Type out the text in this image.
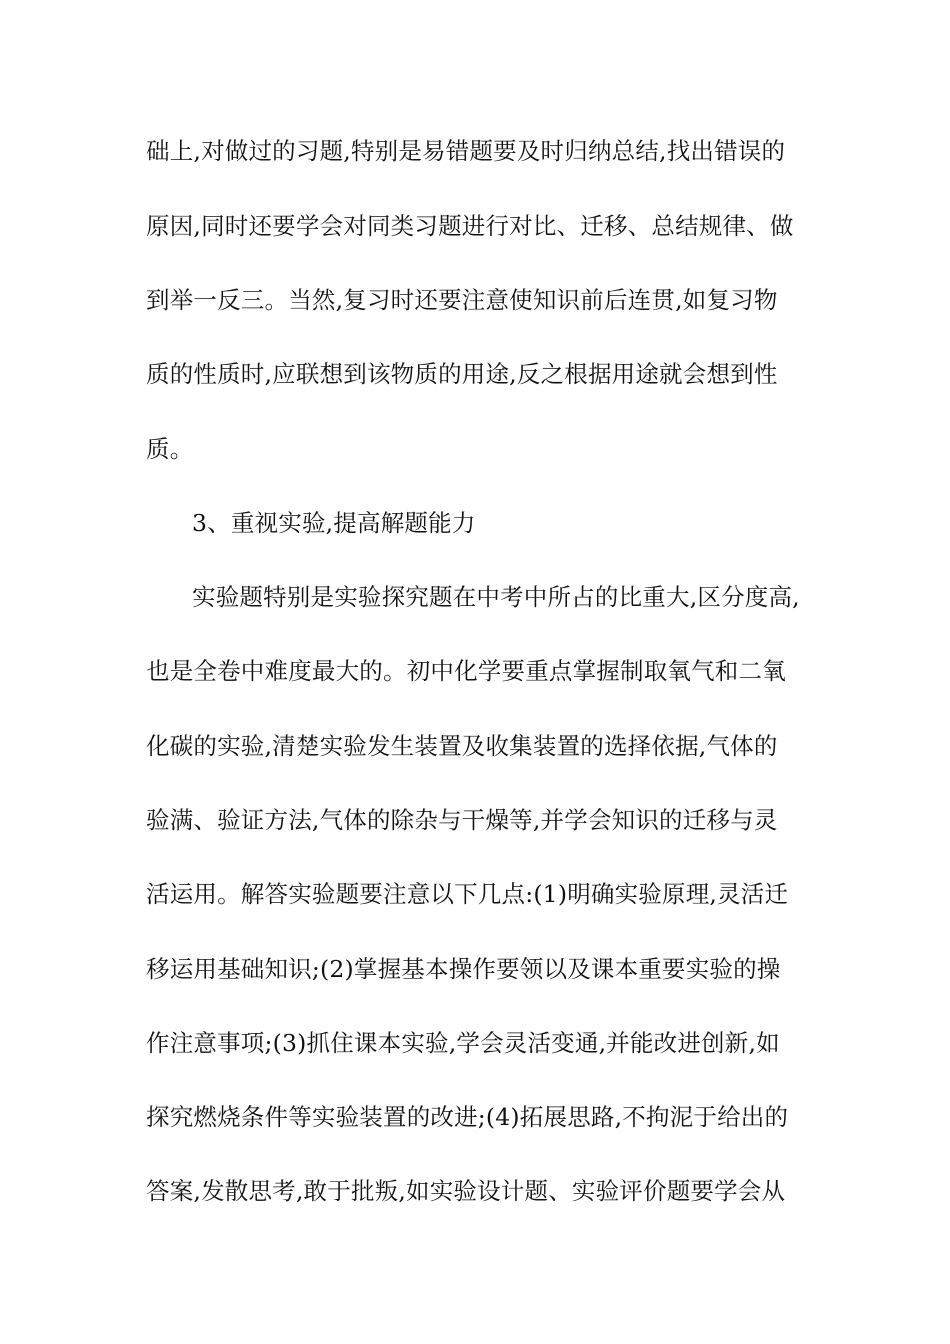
础上,对做过的习题,特别是易错题要及时归纳总结,找出错误的
原因,同时还要学会对同类习题进行对比、迁移、总结规律、做
到举一反三。当然,复习时还要注意使知识前后连贯,如复习物
质的性质时,应联想到该物质的用途,反之根据用途就会想到性
质。
3、重视实验,提高解题能力
实验题特别是实验探究题在中考中所占的比重大,区分度高,
也是全卷中难度最大的。初中化学要重点掌握制取氧气和二氧
化碳的实验,清楚实验发生装置及收集装置的选择依据,气体的
验满、验证方法,气体的除杂与干燥等,并学会知识的迁移与灵
活运用。解答实验题要注意以下几点:(1)明确实验原理,灵活迁
移运用基础知识;(2)掌握基本操作要领以及课本重要实验的操
作注意事项;(3)抓住课本实验,学会灵活变通,并能改进创新,如
探究燃烧条件等实验装置的改进;(4)拓展思路,不拘泥于给出的
答案,发散思考,敢于批叛,如实验设计题、实验评价题要学会从
